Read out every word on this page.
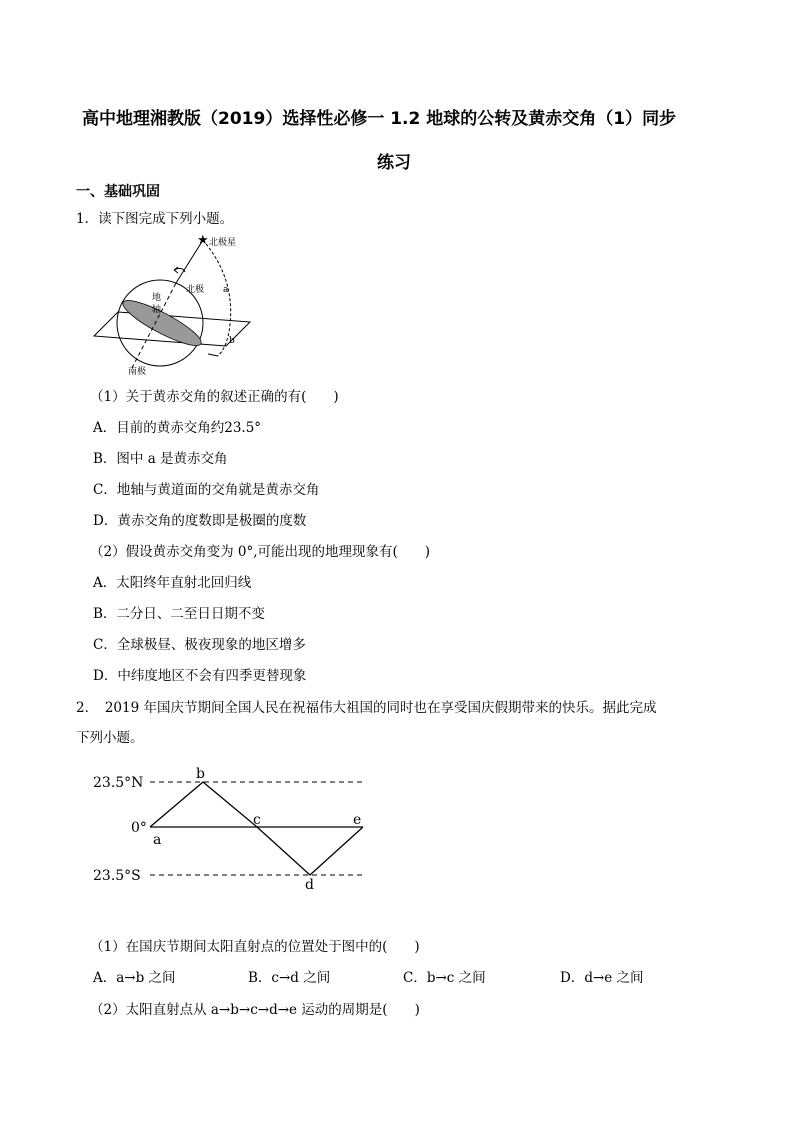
高中地理湘教版（2019）选择性必修一 1.2 地球的公转及黄赤交角（1）同步
练习
一、基础巩固
1．读下图完成下列小题。
★ 北极星
北极
南极
地
轴
a
b
（1）关于黄赤交角的叙述正确的有(　　)
A．目前的黄赤交角约23.5°
B．图中 a 是黄赤交角
C．地轴与黄道面的交角就是黄赤交角
D．黄赤交角的度数即是极圈的度数
（2）假设黄赤交角变为 0°,可能出现的地理现象有(　　)
A．太阳终年直射北回归线
B．二分日、二至日日期不变
C．全球极昼、极夜现象的地区增多
D．中纬度地区不会有四季更替现象
2．　2019 年国庆节期间全国人民在祝福伟大祖国的同时也在享受国庆假期带来的快乐。据此完成
下列小题。
23.5°N
0°
23.5°S
a
b
c
d
e
（1）在国庆节期间太阳直射点的位置处于图中的(　　)
A．a→b 之间	B．c→d 之间	C．b→c 之间	D．d→e 之间
（2）太阳直射点从 a→b→c→d→e 运动的周期是(　　)
